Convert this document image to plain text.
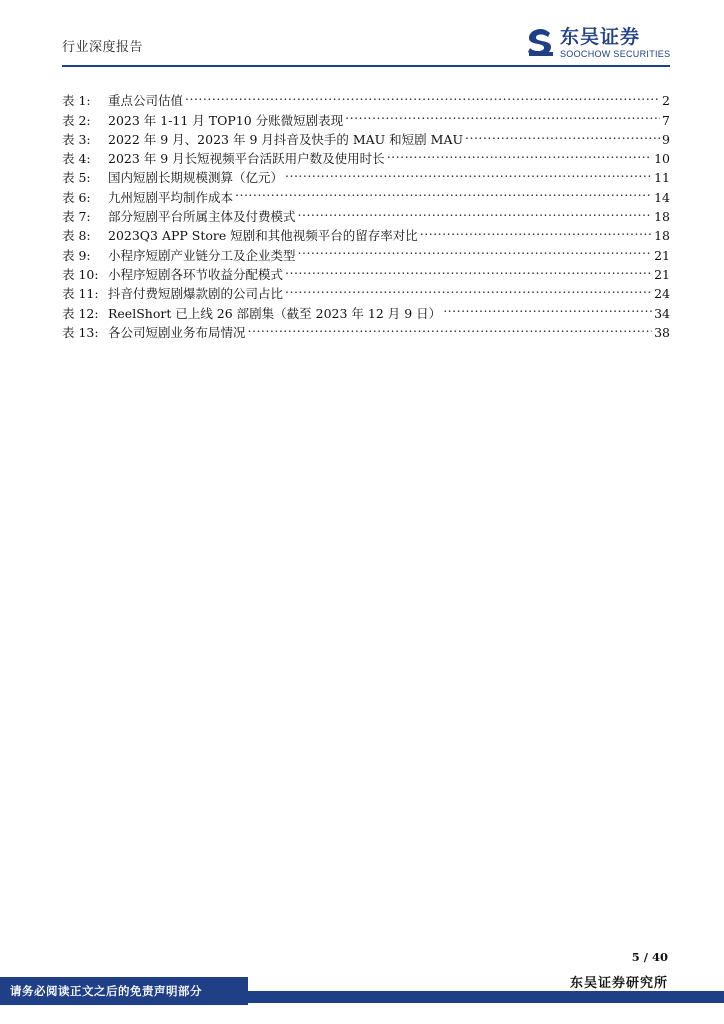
行业深度报告	东吴证券
SOOCHOW SECURITIES
表 1:	重点公司估值 .....	2
表 2:	2023 年 1-11 月 TOP10 分账微短剧表现 .....	7
表 3:	2022 年 9 月、2023 年 9 月抖音及快手的 MAU 和短剧 MAU .....	9
表 4:	2023 年 9 月长短视频平台活跃用户数及使用时长 .....	10
表 5:	国内短剧长期规模测算（亿元） .....	11
表 6:	九州短剧平均制作成本 .....	14
表 7:	部分短剧平台所属主体及付费模式 .....	18
表 8:	2023Q3 APP Store 短剧和其他视频平台的留存率对比 .....	18
表 9:	小程序短剧产业链分工及企业类型 .....	21
表 10: 小程序短剧各环节收益分配模式 .....	21
表 11: 抖音付费短剧爆款剧的公司占比 .....	24
表 12: ReelShort 已上线 26 部剧集（截至 2023 年 12 月 9 日） .....	34
表 13: 各公司短剧业务布局情况 .....	38
5 / 40
东吴证券研究所
请务必阅读正文之后的免责声明部分
